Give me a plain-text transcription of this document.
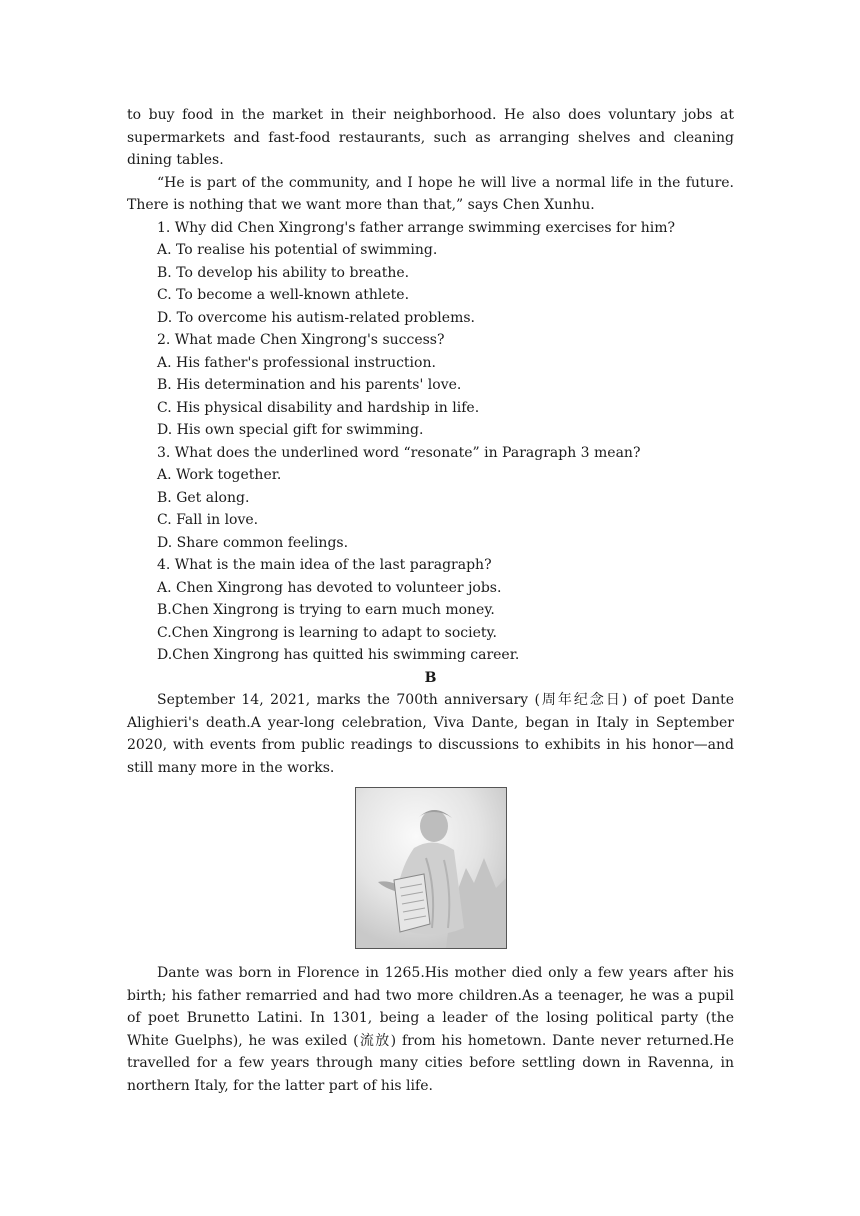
to buy food in the market in their neighborhood. He also does voluntary jobs at supermarkets and fast-food restaurants, such as arranging shelves and cleaning dining tables.

“He is part of the community, and I hope he will live a normal life in the future. There is nothing that we want more than that,” says Chen Xunhu.

1. Why did Chen Xingrong's father arrange swimming exercises for him?

A. To realise his potential of swimming.

B. To develop his ability to breathe.

C. To become a well-known athlete.

D. To overcome his autism-related problems.

2. What made Chen Xingrong's success?

A. His father's professional instruction.

B. His determination and his parents' love.

C. His physical disability and hardship in life.

D. His own special gift for swimming.

3. What does the underlined word “resonate” in Paragraph 3 mean?

A. Work together.

B. Get along.

C. Fall in love.

D. Share common feelings.

4. What is the main idea of the last paragraph?

A. Chen Xingrong has devoted to volunteer jobs.

B.Chen Xingrong is trying to earn much money.

C.Chen Xingrong is learning to adapt to society.

D.Chen Xingrong has quitted his swimming career.

B

September 14, 2021, marks the 700th anniversary (周年纪念日) of poet Dante Alighieri's death.A year-long celebration, Viva Dante, began in Italy in September 2020, with events from public readings to discussions to exhibits in his honor—and still many more in the works.

Dante was born in Florence in 1265.His mother died only a few years after his birth; his father remarried and had two more children.As a teenager, he was a pupil of poet Brunetto Latini. In 1301, being a leader of the losing political party (the White Guelphs), he was exiled (流放) from his hometown. Dante never returned.He travelled for a few years through many cities before settling down in Ravenna, in northern Italy, for the latter part of his life.
